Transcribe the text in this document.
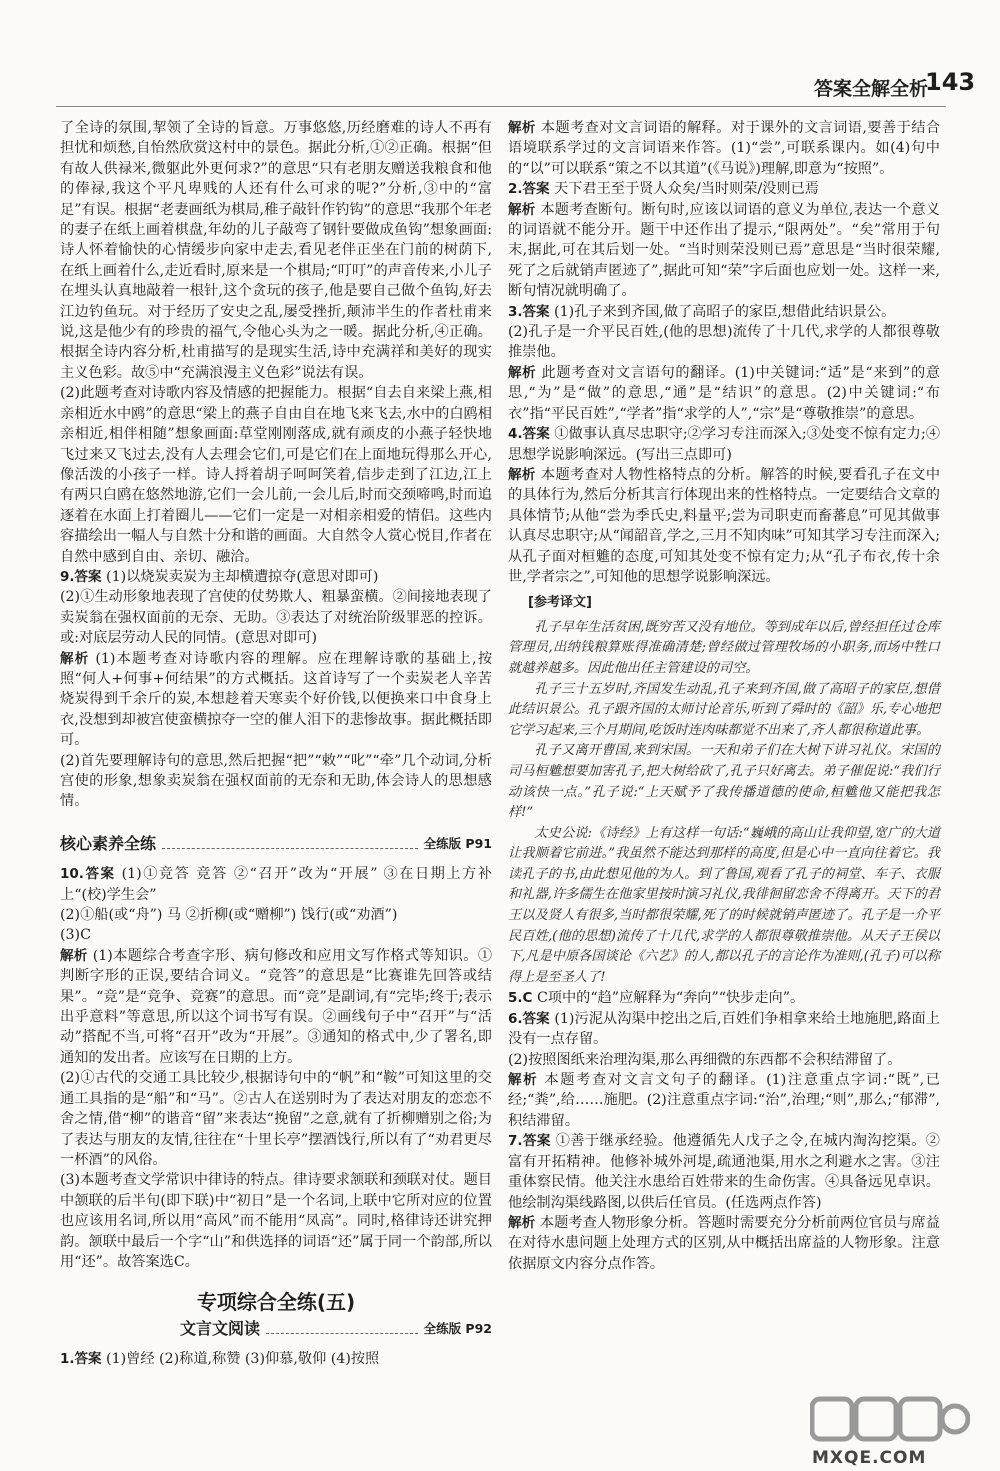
答案全解全析
143

了全诗的氛围,挈领了全诗的旨意。万事悠悠,历经磨难的诗人不再有担忧和烦愁,自怡然欣赏这村中的景色。据此分析,①②正确。根据“但有故人供禄米,微躯此外更何求?”的意思“只有老朋友赠送我粮食和他的俸禄,我这个平凡卑贱的人还有什么可求的呢?”分析,③中的“富足”有误。根据“老妻画纸为棋局,稚子敲针作钓钩”的意思“我那个年老的妻子在纸上画着棋盘,年幼的儿子敲弯了钢针要做成鱼钩”想象画面:诗人怀着愉快的心情缓步向家中走去,看见老伴正坐在门前的树荫下,在纸上画着什么,走近看时,原来是一个棋局;“叮叮”的声音传来,小儿子在埋头认真地敲着一根针,这个贪玩的孩子,他是要自己做个鱼钩,好去江边钓鱼玩。对于经历了安史之乱,屡受挫折,颠沛半生的作者杜甫来说,这是他少有的珍贵的福气,令他心头为之一暖。据此分析,④正确。根据全诗内容分析,杜甫描写的是现实生活,诗中充满祥和美好的现实主义色彩。故⑤中“充满浪漫主义色彩”说法有误。

(2)此题考查对诗歌内容及情感的把握能力。根据“自去自来梁上燕,相亲相近水中鸥”的意思“梁上的燕子自由自在地飞来飞去,水中的白鸥相亲相近,相伴相随”想象画面:草堂刚刚落成,就有顽皮的小燕子轻快地飞过来又飞过去,没有人去理会它们,可是它们在上面地玩得那么开心,像活泼的小孩子一样。诗人捋着胡子呵呵笑着,信步走到了江边,江上有两只白鸥在悠然地游,它们一会儿前,一会儿后,时而交颈啼鸣,时而追逐着在水面上打着圈儿——它们一定是一对相亲相爱的情侣。这些内容描绘出一幅人与自然十分和谐的画面。大自然令人赏心悦目,作者在自然中感到自由、亲切、融洽。

9.答案 (1)以烧炭卖炭为主却横遭掠夺(意思对即可)

(2)①生动形象地表现了宫使的仗势欺人、粗暴蛮横。②间接地表现了卖炭翁在强权面前的无奈、无助。③表达了对统治阶级罪恶的控诉。或:对底层劳动人民的同情。(意思对即可)

解析 (1)本题考查对诗歌内容的理解。应在理解诗歌的基础上,按照“何人+何事+何结果”的方式概括。这首诗写了一个卖炭老人辛苦烧炭得到千余斤的炭,本想趁着天寒卖个好价钱,以便换来口中食身上衣,没想到却被宫使蛮横掠夺一空的催人泪下的悲惨故事。据此概括即可。

(2)首先要理解诗句的意思,然后把握“把”“敕”“叱”“牵”几个动词,分析宫使的形象,想象卖炭翁在强权面前的无奈和无助,体会诗人的思想感情。

核心素养全练	全练版 P91

10.答案 (1)①竞答 竞答 ②“召开”改为“开展” ③在日期上方补上“(校)学生会”

(2)①船(或“舟”) 马 ②折柳(或“赠柳”) 饯行(或“劝酒”)

(3)C

解析 (1)本题综合考查字形、病句修改和应用文写作格式等知识。①判断字形的正误,要结合词义。“竞答”的意思是“比赛谁先回答或结果”。“竞”是“竞争、竞赛”的意思。而“竞”是副词,有“完毕;终于;表示出乎意料”等意思,所以这个词书写有误。②画线句子中“召开”与“活动”搭配不当,可将“召开”改为“开展”。③通知的格式中,少了署名,即通知的发出者。应该写在日期的上方。

(2)①古代的交通工具比较少,根据诗句中的“帆”和“鞍”可知这里的交通工具指的是“船”和“马”。②古人在送别时为了表达对朋友的恋恋不舍之情,借“柳”的谐音“留”来表达“挽留”之意,就有了折柳赠别之俗;为了表达与朋友的友情,往往在“十里长亭”摆酒饯行,所以有了“劝君更尽一杯酒”的风俗。

(3)本题考查文学常识中律诗的特点。律诗要求颔联和颈联对仗。题目中颔联的后半句(即下联)中“初日”是一个名词,上联中它所对应的位置也应该用名词,所以用“高风”而不能用“凤高”。同时,格律诗还讲究押韵。颔联中最后一个字“山”和供选择的词语“还”属于同一个韵部,所以用“还”。故答案选C。

专项综合全练(五)
文言文阅读	全练版 P92

1.答案 (1)曾经 (2)称道,称赞 (3)仰慕,敬仰 (4)按照

解析 本题考查对文言词语的解释。对于课外的文言词语,要善于结合语境联系学过的文言词语来作答。(1)“尝”,可联系课内。如(4)句中的“以”可以联系“策之不以其道”(《马说》)理解,即意为“按照”。

2.答案 天下君王至于贤人众矣/当时则荣/没则已焉

解析 本题考查断句。断句时,应该以词语的意义为单位,表达一个意义的词语就不能分开。题干中还作出了提示,“限两处”。“矣”常用于句末,据此,可在其后划一处。“当时则荣没则已焉”意思是“当时很荣耀,死了之后就销声匿迹了”,据此可知“荣”字后面也应划一处。这样一来,断句情况就明确了。

3.答案 (1)孔子来到齐国,做了高昭子的家臣,想借此结识景公。

(2)孔子是一介平民百姓,(他的思想)流传了十几代,求学的人都很尊敬推崇他。

解析 此题考查对文言语句的翻译。(1)中关键词:“适”是“来到”的意思,“为”是“做”的意思,“通”是“结识”的意思。(2)中关键词:“布衣”指“平民百姓”,“学者”指“求学的人”,“宗”是“尊敬推崇”的意思。

4.答案 ①做事认真尽忠职守;②学习专注而深入;③处变不惊有定力;④思想学说影响深远。(写出三点即可)

解析 本题考查对人物性格特点的分析。解答的时候,要看孔子在文中的具体行为,然后分析其言行体现出来的性格特点。一定要结合文章的具体情节;从他“尝为季氏史,料量平;尝为司职吏而畜蕃息”可见其做事认真尽忠职守;从“闻韶音,学之,三月不知肉味”可知其学习专注而深入;从孔子面对桓魋的态度,可知其处变不惊有定力;从“孔子布衣,传十余世,学者宗之”,可知他的思想学说影响深远。

[参考译文]

孔子早年生活贫困,既穷苦又没有地位。等到成年以后,曾经担任过仓库管理员,出纳钱粮算账得准确清楚;曾经做过管理牧场的小职务,而场中牲口就越养越多。因此他出任主管建设的司空。

孔子三十五岁时,齐国发生动乱,孔子来到齐国,做了高昭子的家臣,想借此结识景公。孔子跟齐国的太师讨论音乐,听到了舜时的《韶》乐,专心地把它学习起来,三个月期间,吃饭时连肉味都觉不出来了,齐人都很称道此事。

孔子又离开曹国,来到宋国。一天和弟子们在大树下讲习礼仪。宋国的司马桓魋想要加害孔子,把大树给砍了,孔子只好离去。弟子催促说:“我们行动该快一点。”孔子说:“上天赋予了我传播道德的使命,桓魋他又能把我怎样!”

太史公说:《诗经》上有这样一句话:“巍峨的高山让我仰望,宽广的大道让我顺着它前进。”我虽然不能达到那样的高度,但是心中一直向往着它。我读孔子的书,由此想见他的为人。到了鲁国,观看了孔子的祠堂、车子、衣服和礼器,许多儒生在他家里按时演习礼仪,我徘徊留恋舍不得离开。天下的君王以及贤人有很多,当时都很荣耀,死了的时候就销声匿迹了。孔子是一介平民百姓,(他的思想)流传了十几代,求学的人都很尊敬推崇他。从天子王侯以下,凡是中原各国谈论《六艺》的人,都以孔子的言论作为准则,(孔子)可以称得上是至圣人了!

5.C C项中的“趋”应解释为“奔向”“快步走向”。

6.答案 (1)污泥从沟渠中挖出之后,百姓们争相拿来给土地施肥,路面上没有一点存留。

(2)按照图纸来治理沟渠,那么再细微的东西都不会积结滞留了。

解析 本题考查对文言文句子的翻译。(1)注意重点字词:“既”,已经;“粪”,给……施肥。(2)注意重点字词:“治”,治理;“则”,那么;“郁滞”,积结滞留。

7.答案 ①善于继承经验。他遵循先人戊子之令,在城内淘沟挖渠。②富有开拓精神。他修补城外河堤,疏通池渠,用水之利避水之害。③注重体察民情。他关注水患给百姓带来的生命伤害。④具备远见卓识。他绘制沟渠线路图,以供后任官员。(任选两点作答)

解析 本题考查人物形象分析。答题时需要充分分析前两位官员与席益在对待水患问题上处理方式的区别,从中概括出席益的人物形象。注意依据原文内容分点作答。

MXQE.COM
